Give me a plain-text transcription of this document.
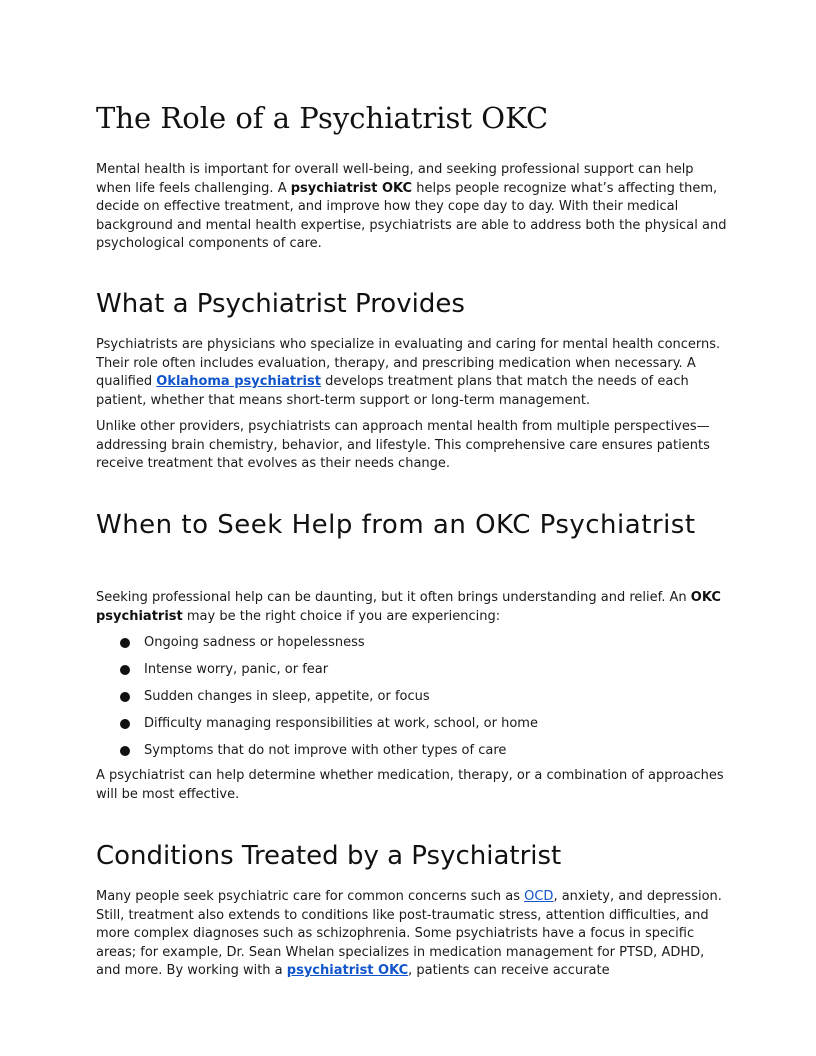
The Role of a Psychiatrist OKC

Mental health is important for overall well-being, and seeking professional support can help when life feels challenging. A psychiatrist OKC helps people recognize what’s affecting them, decide on effective treatment, and improve how they cope day to day. With their medical background and mental health expertise, psychiatrists are able to address both the physical and psychological components of care.

What a Psychiatrist Provides

Psychiatrists are physicians who specialize in evaluating and caring for mental health concerns. Their role often includes evaluation, therapy, and prescribing medication when necessary. A qualified Oklahoma psychiatrist develops treatment plans that match the needs of each patient, whether that means short-term support or long-term management.

Unlike other providers, psychiatrists can approach mental health from multiple perspectives—addressing brain chemistry, behavior, and lifestyle. This comprehensive care ensures patients receive treatment that evolves as their needs change.

When to Seek Help from an OKC Psychiatrist

Seeking professional help can be daunting, but it often brings understanding and relief. An OKC psychiatrist may be the right choice if you are experiencing:

Ongoing sadness or hopelessness
Intense worry, panic, or fear
Sudden changes in sleep, appetite, or focus
Difficulty managing responsibilities at work, school, or home
Symptoms that do not improve with other types of care

A psychiatrist can help determine whether medication, therapy, or a combination of approaches will be most effective.

Conditions Treated by a Psychiatrist

Many people seek psychiatric care for common concerns such as OCD, anxiety, and depression. Still, treatment also extends to conditions like post-traumatic stress, attention difficulties, and more complex diagnoses such as schizophrenia. Some psychiatrists have a focus in specific areas; for example, Dr. Sean Whelan specializes in medication management for PTSD, ADHD, and more. By working with a psychiatrist OKC, patients can receive accurate
